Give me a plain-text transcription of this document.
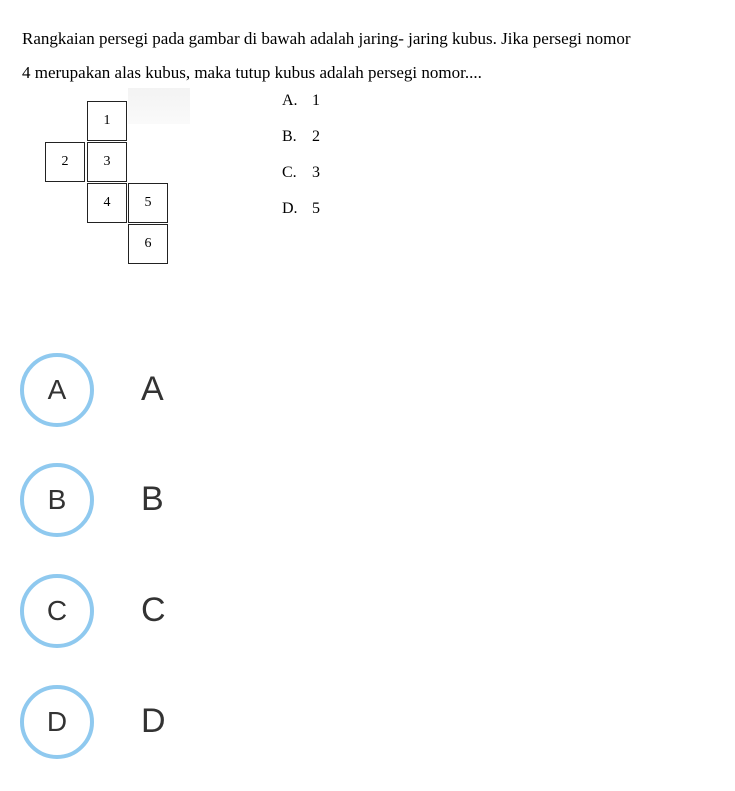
Rangkaian persegi pada gambar di bawah adalah jaring- jaring kubus. Jika persegi nomor

4 merupakan alas kubus, maka tutup kubus adalah persegi nomor....

1
2	3
4	5
6
A. 1
B. 2
C. 3
D. 5
A	A
B	B
C	C
D	D
